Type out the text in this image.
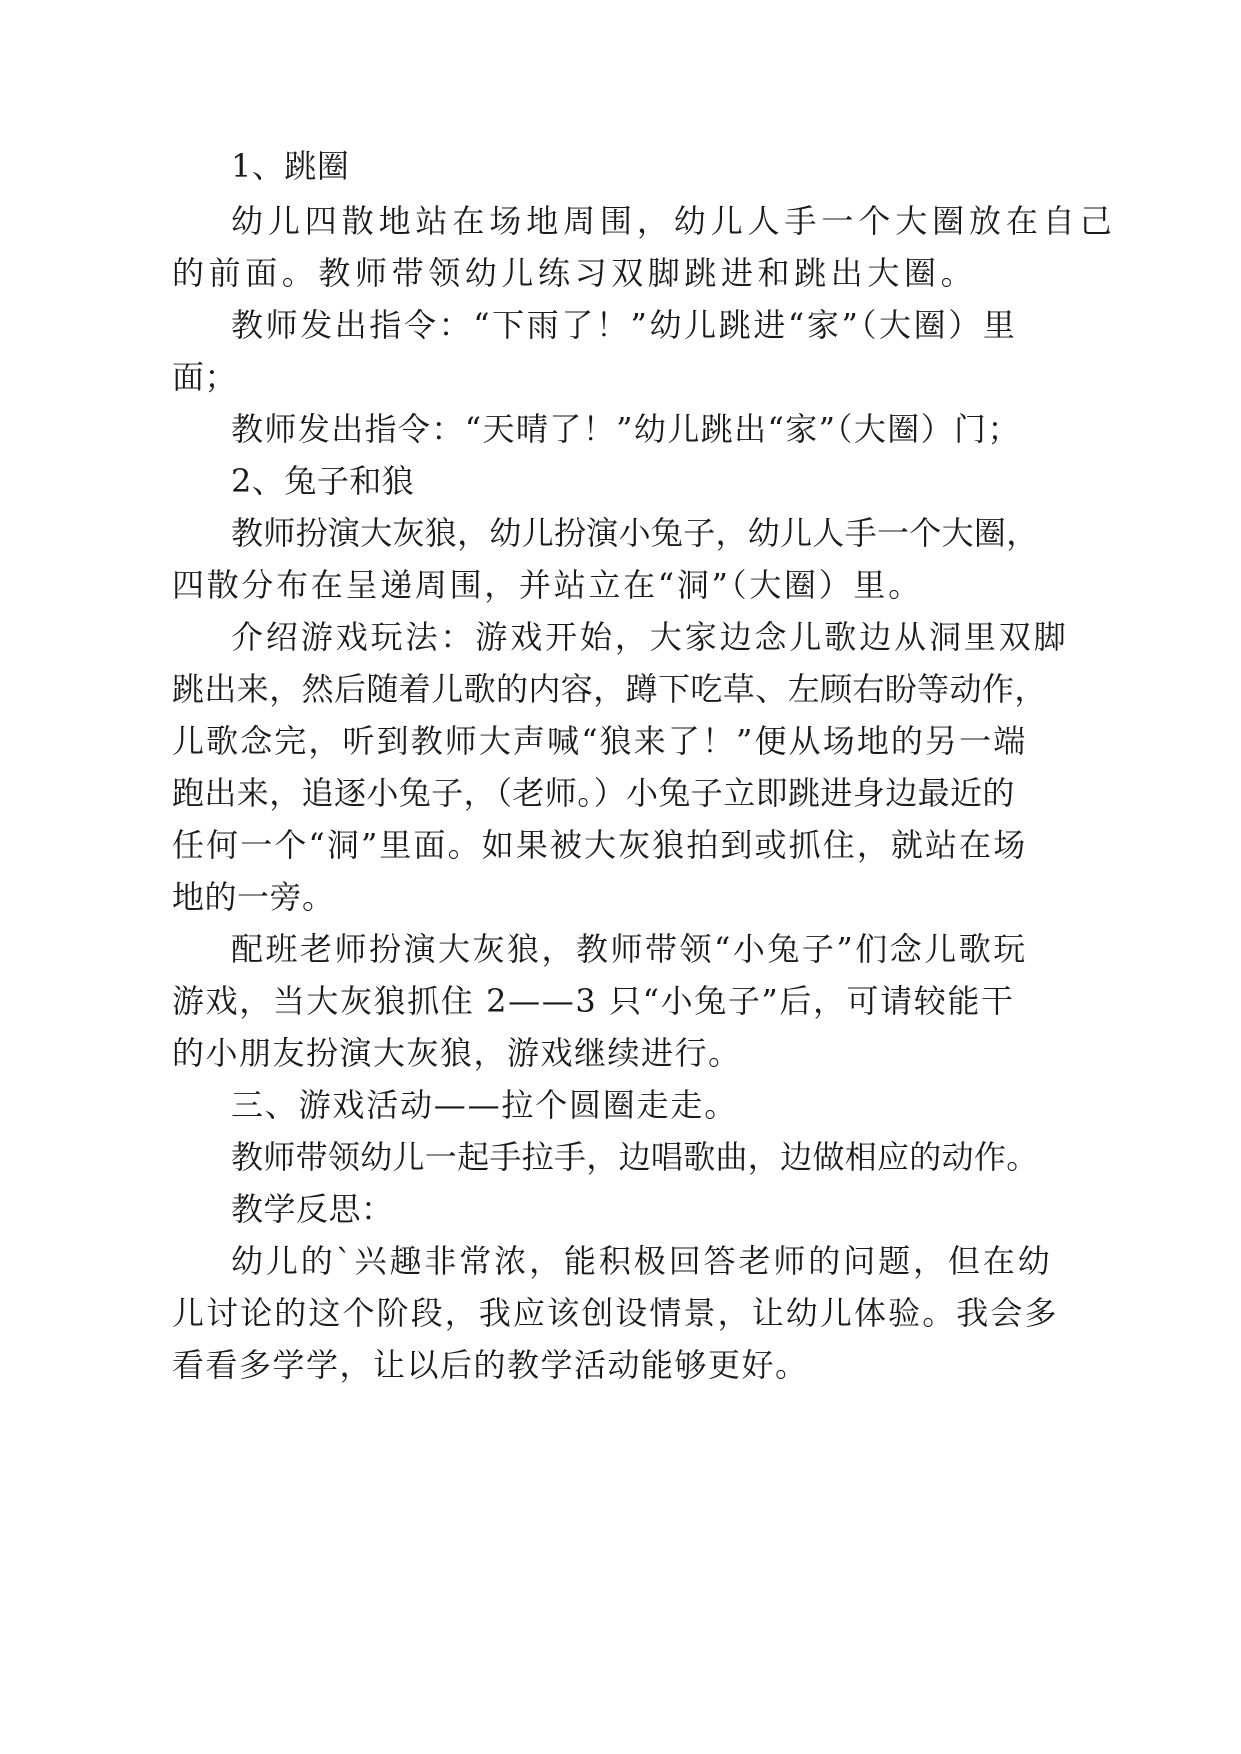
1、跳圈
幼儿四散地站在场地周围，幼儿人手一个大圈放在自己
的前面。教师带领幼儿练习双脚跳进和跳出大圈。
教师发出指令：“下雨了！”幼儿跳进“家”（大圈）里
面；
教师发出指令：“天晴了！”幼儿跳出“家”（大圈）门；
2、兔子和狼
教师扮演大灰狼，幼儿扮演小兔子，幼儿人手一个大圈，
四散分布在呈递周围，并站立在“洞”（大圈）里。
介绍游戏玩法：游戏开始，大家边念儿歌边从洞里双脚
跳出来，然后随着儿歌的内容，蹲下吃草、左顾右盼等动作，
儿歌念完，听到教师大声喊“狼来了！”便从场地的另一端
跑出来，追逐小兔子，（老师。）小兔子立即跳进身边最近的
任何一个“洞”里面。如果被大灰狼拍到或抓住，就站在场
地的一旁。
配班老师扮演大灰狼，教师带领“小兔子”们念儿歌玩
游戏，当大灰狼抓住 2——3 只“小兔子”后，可请较能干
的小朋友扮演大灰狼，游戏继续进行。
三、游戏活动——拉个圆圈走走。
教师带领幼儿一起手拉手，边唱歌曲，边做相应的动作。
教学反思：
幼儿的`兴趣非常浓，能积极回答老师的问题，但在幼
儿讨论的这个阶段，我应该创设情景，让幼儿体验。我会多
看看多学学，让以后的教学活动能够更好。
